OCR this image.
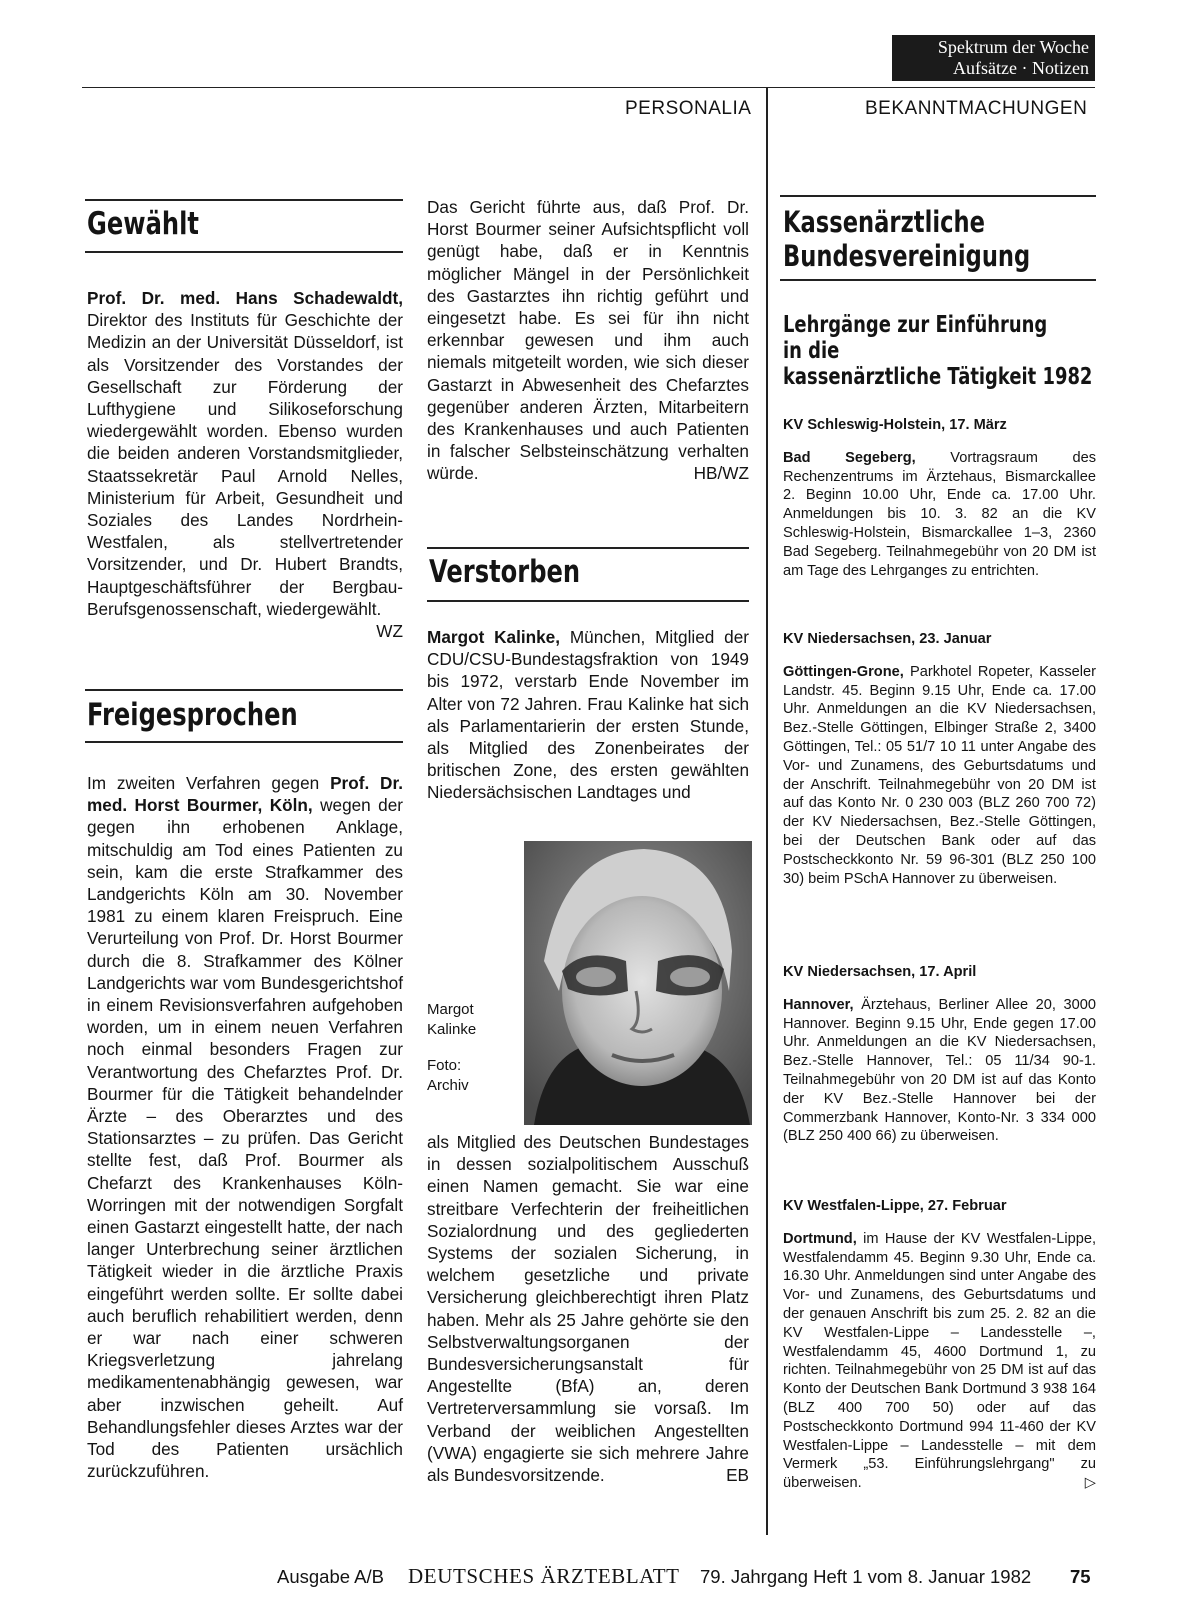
Spektrum der Woche
Aufsätze · Notizen
PERSONALIA	BEKANNTMACHUNGEN
Gewählt

Prof. Dr. med. Hans Schadewaldt, Direktor des Instituts für Geschichte der Medizin an der Universität Düsseldorf, ist als Vorsitzender des Vorstandes der Gesellschaft zur Förderung der Lufthygiene und Silikoseforschung wiedergewählt worden. Ebenso wurden die beiden anderen Vorstandsmitglieder, Staatssekretär Paul Arnold Nelles, Ministerium für Arbeit, Gesundheit und Soziales des Landes Nordrhein-Westfalen, als stellvertretender Vorsitzender, und Dr. Hubert Brandts, Hauptgeschäftsführer der Bergbau-Berufsgenossenschaft, wiedergewählt.
WZ

Freigesprochen

Im zweiten Verfahren gegen Prof. Dr. med. Horst Bourmer, Köln, wegen der gegen ihn erhobenen Anklage, mitschuldig am Tod eines Patienten zu sein, kam die erste Strafkammer des Landgerichts Köln am 30. November 1981 zu einem klaren Freispruch. Eine Verurteilung von Prof. Dr. Horst Bourmer durch die 8. Strafkammer des Kölner Landgerichts war vom Bundesgerichtshof in einem Revisionsverfahren aufgehoben worden, um in einem neuen Verfahren noch einmal besonders Fragen zur Verantwortung des Chefarztes Prof. Dr. Bourmer für die Tätigkeit behandelnder Ärzte – des Oberarztes und des Stationsarztes – zu prüfen. Das Gericht stellte fest, daß Prof. Bourmer als Chefarzt des Krankenhauses Köln-Worringen mit der notwendigen Sorgfalt einen Gastarzt eingestellt hatte, der nach langer Unterbrechung seiner ärztlichen Tätigkeit wieder in die ärztliche Praxis eingeführt werden sollte. Er sollte dabei auch beruflich rehabilitiert werden, denn er war nach einer schweren Kriegsverletzung jahrelang medikamentenabhängig gewesen, war aber inzwischen geheilt. Auf Behandlungsfehler dieses Arztes war der Tod des Patienten ursächlich zurückzuführen.

Das Gericht führte aus, daß Prof. Dr. Horst Bourmer seiner Aufsichtspflicht voll genügt habe, daß er in Kenntnis möglicher Mängel in der Persönlichkeit des Gastarztes ihn richtig geführt und eingesetzt habe. Es sei für ihn nicht erkennbar gewesen und ihm auch niemals mitgeteilt worden, wie sich dieser Gastarzt in Abwesenheit des Chefarztes gegenüber anderen Ärzten, Mitarbeitern des Krankenhauses und auch Patienten in falscher Selbsteinschätzung verhalten würde.	HB/WZ

Verstorben

Margot Kalinke, München, Mitglied der CDU/CSU-Bundestagsfraktion von 1949 bis 1972, verstarb Ende November im Alter von 72 Jahren. Frau Kalinke hat sich als Parlamentarierin der ersten Stunde, als Mitglied des Zonenbeirates der britischen Zone, des ersten gewählten Niedersächsischen Landtages und

Margot
Kalinke
Foto:
Archiv

als Mitglied des Deutschen Bundestages in dessen sozialpolitischem Ausschuß einen Namen gemacht. Sie war eine streitbare Verfechterin der freiheitlichen Sozialordnung und des gegliederten Systems der sozialen Sicherung, in welchem gesetzliche und private Versicherung gleichberechtigt ihren Platz haben. Mehr als 25 Jahre gehörte sie den Selbstverwaltungsorganen der Bundesversicherungsanstalt für Angestellte (BfA) an, deren Vertreterversammlung sie vorsaß. Im Verband der weiblichen Angestellten (VWA) engagierte sie sich mehrere Jahre als Bundesvorsitzende.	EB

Kassenärztliche
Bundesvereinigung
Lehrgänge zur Einführung
in die
kassenärztliche Tätigkeit 1982

KV Schleswig-Holstein, 17. März

Bad Segeberg, Vortragsraum des Rechenzentrums im Ärztehaus, Bismarckallee 2. Beginn 10.00 Uhr, Ende ca. 17.00 Uhr. Anmeldungen bis 10. 3. 82 an die KV Schleswig-Holstein, Bismarckallee 1–3, 2360 Bad Segeberg. Teilnahmegebühr von 20 DM ist am Tage des Lehrganges zu entrichten.

KV Niedersachsen, 23. Januar

Göttingen-Grone, Parkhotel Ropeter, Kasseler Landstr. 45. Beginn 9.15 Uhr, Ende ca. 17.00 Uhr. Anmeldungen an die KV Niedersachsen, Bez.-Stelle Göttingen, Elbinger Straße 2, 3400 Göttingen, Tel.: 05 51/7 10 11 unter Angabe des Vor- und Zunamens, des Geburtsdatums und der Anschrift. Teilnahmegebühr von 20 DM ist auf das Konto Nr. 0 230 003 (BLZ 260 700 72) der KV Niedersachsen, Bez.-Stelle Göttingen, bei der Deutschen Bank oder auf das Postscheckkonto Nr. 59 96-301 (BLZ 250 100 30) beim PSchA Hannover zu überweisen.

KV Niedersachsen, 17. April

Hannover, Ärztehaus, Berliner Allee 20, 3000 Hannover. Beginn 9.15 Uhr, Ende gegen 17.00 Uhr. Anmeldungen an die KV Niedersachsen, Bez.-Stelle Hannover, Tel.: 05 11/34 90-1. Teilnahmegebühr von 20 DM ist auf das Konto der KV Bez.-Stelle Hannover bei der Commerzbank Hannover, Konto-Nr. 3 334 000 (BLZ 250 400 66) zu überweisen.

KV Westfalen-Lippe, 27. Februar

Dortmund, im Hause der KV Westfalen-Lippe, Westfalendamm 45. Beginn 9.30 Uhr, Ende ca. 16.30 Uhr. Anmeldungen sind unter Angabe des Vor- und Zunamens, des Geburtsdatums und der genauen Anschrift bis zum 25. 2. 82 an die KV Westfalen-Lippe – Landesstelle –, Westfalendamm 45, 4600 Dortmund 1, zu richten. Teilnahmegebühr von 25 DM ist auf das Konto der Deutschen Bank Dortmund 3 938 164 (BLZ 400 700 50) oder auf das Postscheckkonto Dortmund 994 11-460 der KV Westfalen-Lippe – Landesstelle – mit dem Vermerk „53. Einführungslehrgang" zu überweisen.	▷

Ausgabe A/B DEUTSCHES ÄRZTEBLATT 79. Jahrgang Heft 1 vom 8. Januar 1982 75
